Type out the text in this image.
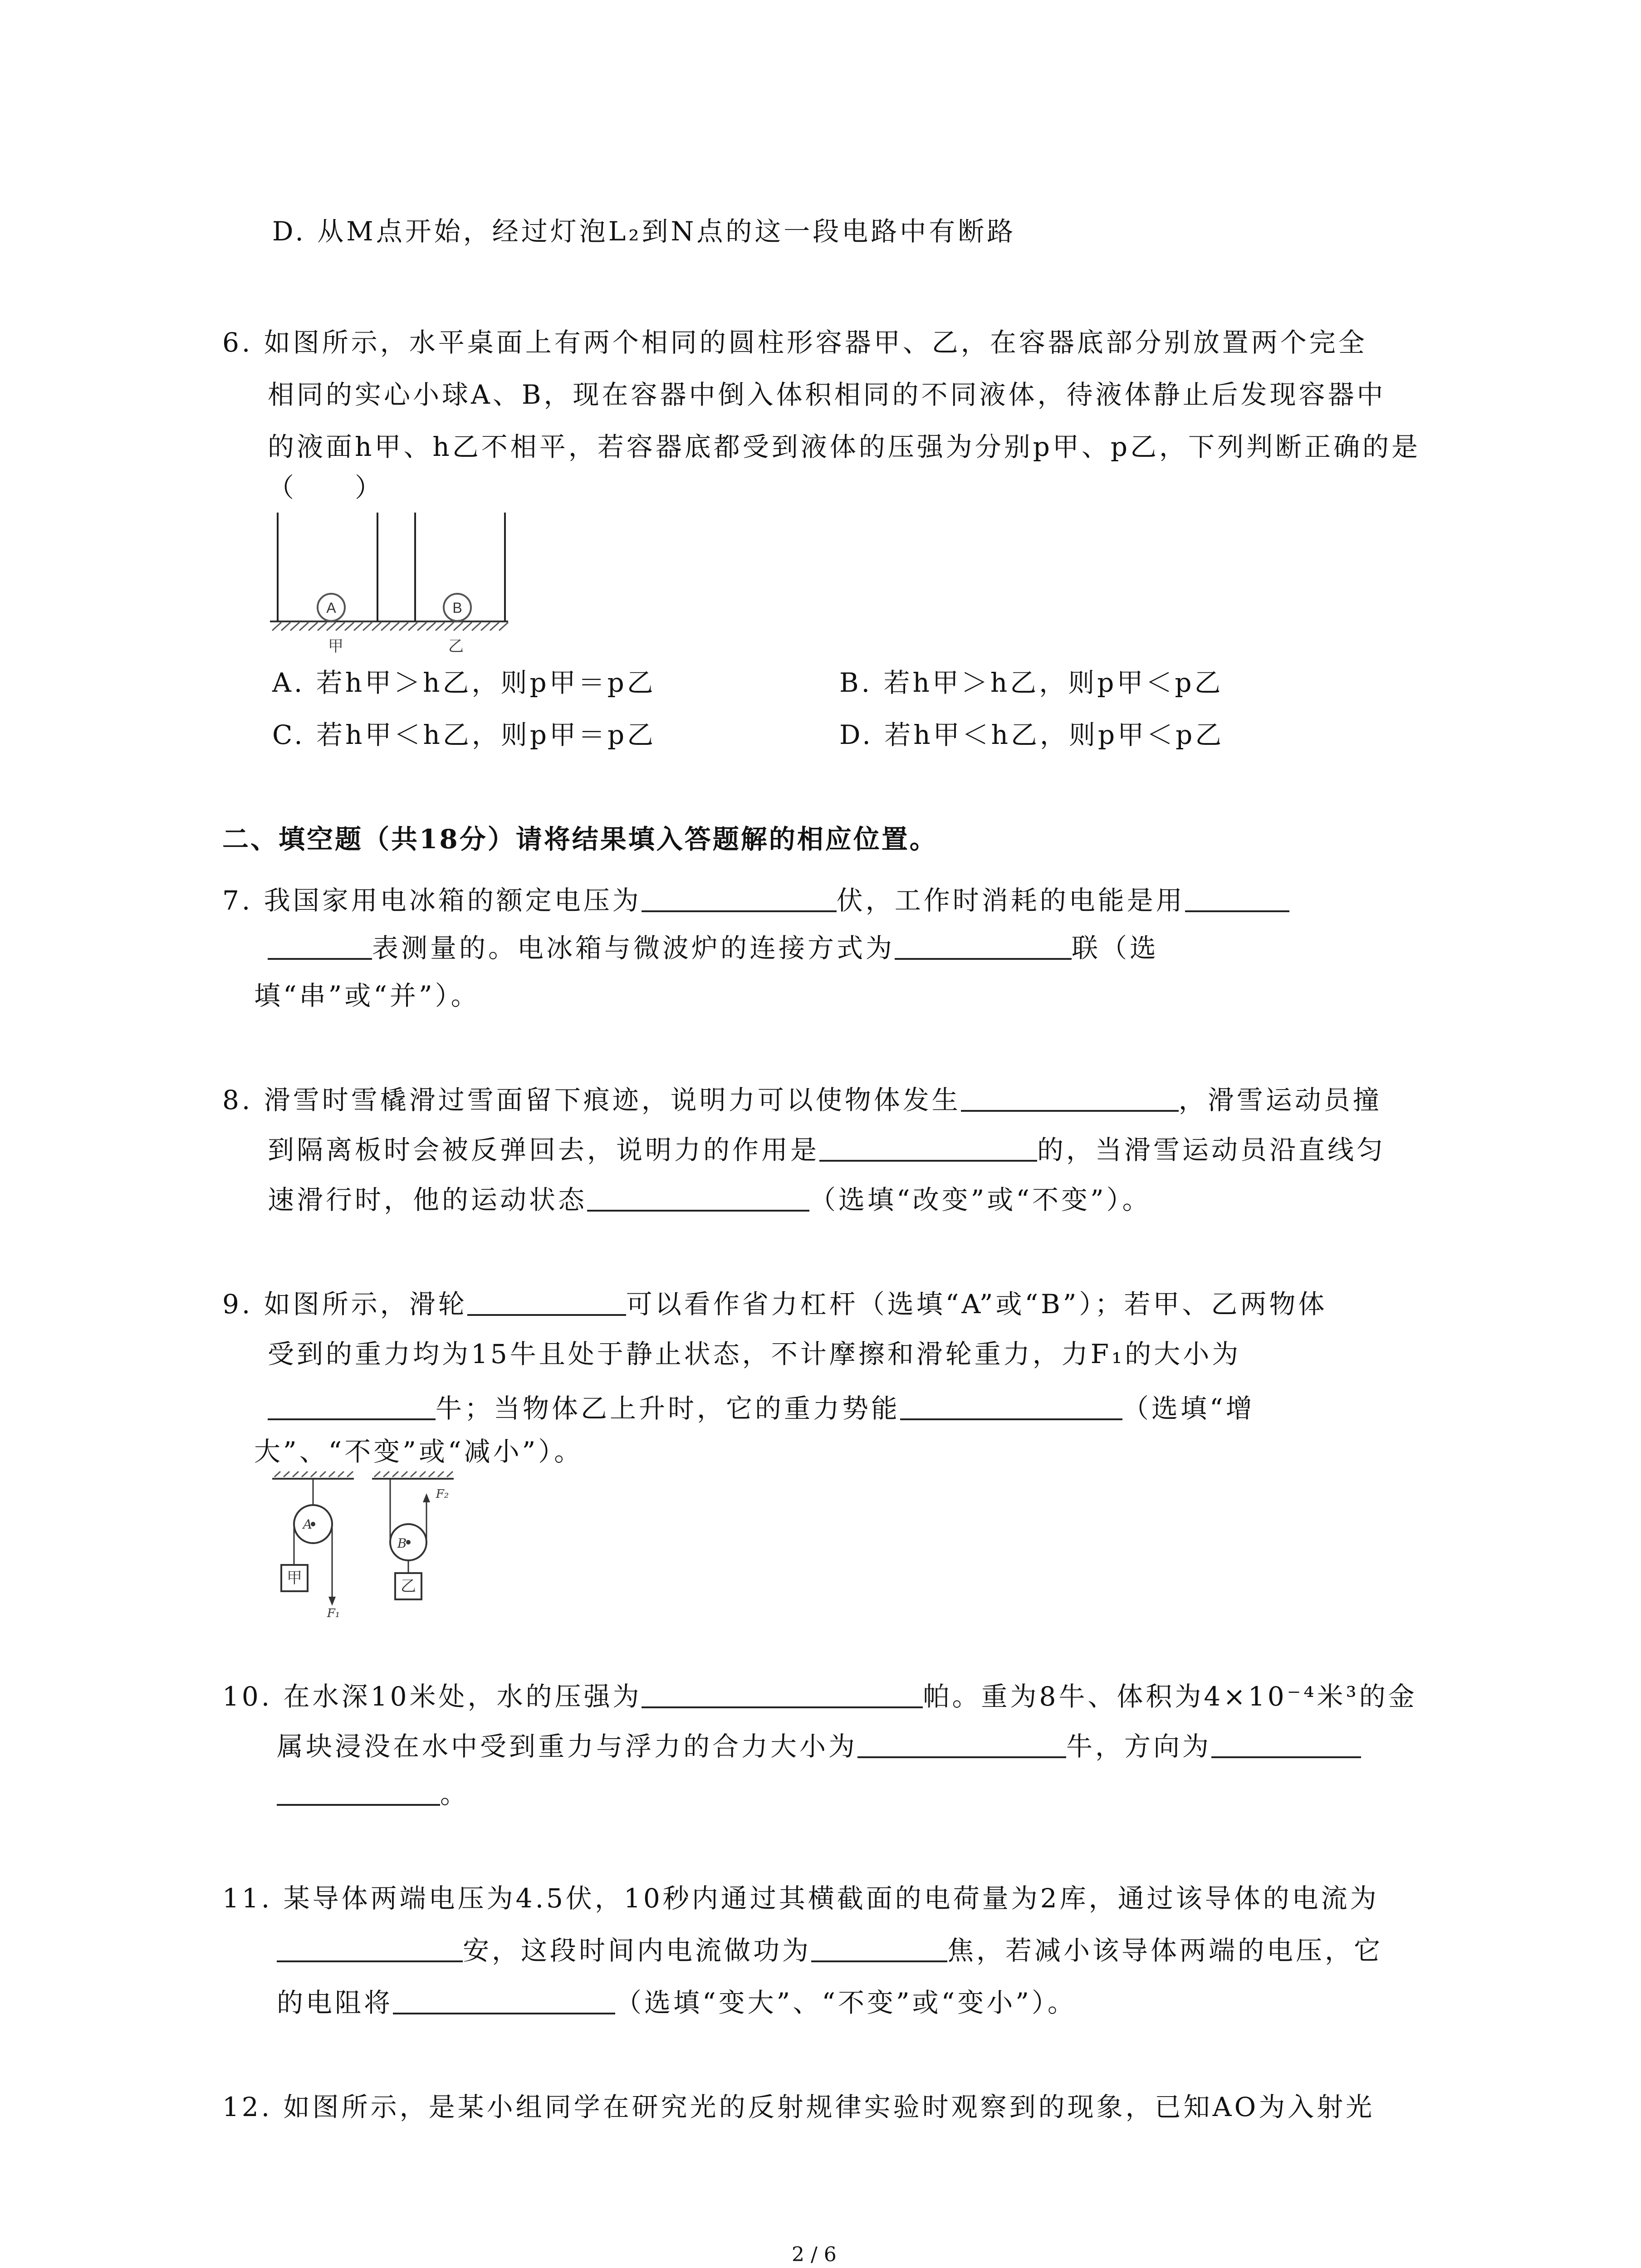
D. 从M点开始，经过灯泡L₂到N点的这一段电路中有断路
6. 如图所示，水平桌面上有两个相同的圆柱形容器甲、乙，在容器底部分别放置两个完全
相同的实心小球A、B，现在容器中倒入体积相同的不同液体，待液体静止后发现容器中
的液面h甲、h乙不相平，若容器底都受到液体的压强为分别p甲、p乙，下列判断正确的是
（　　）
A	B
甲	乙
A. 若h甲＞h乙，则p甲＝p乙	B. 若h甲＞h乙，则p甲＜p乙
C. 若h甲＜h乙，则p甲＝p乙	D. 若h甲＜h乙，则p甲＜p乙
二、填空题（共18分）请将结果填入答题解的相应位置。
7. 我国家用电冰箱的额定电压为	伏，工作时消耗的电能是用
表测量的。电冰箱与微波炉的连接方式为	联（选
填“串”或“并”）。
8. 滑雪时雪橇滑过雪面留下痕迹，说明力可以使物体发生	，滑雪运动员撞
到隔离板时会被反弹回去，说明力的作用是	的，当滑雪运动员沿直线匀
速滑行时，他的运动状态	（选填“改变”或“不变”）。
9. 如图所示，滑轮	可以看作省力杠杆（选填“A”或“B”）；若甲、乙两物体
受到的重力均为15牛且处于静止状态，不计摩擦和滑轮重力，力F₁的大小为
牛；当物体乙上升时，它的重力势能	（选填“增
大”、“不变”或“减小”）。
甲
A
F₁
乙
B
F₂
10. 在水深10米处，水的压强为	帕。重为8牛、体积为4×10⁻⁴米³的金
属块浸没在水中受到重力与浮力的合力大小为	牛，方向为
。
11. 某导体两端电压为4.5伏，10秒内通过其横截面的电荷量为2库，通过该导体的电流为
安，这段时间内电流做功为	焦，若减小该导体两端的电压，它
的电阻将	（选填“变大”、“不变”或“变小”）。
12. 如图所示，是某小组同学在研究光的反射规律实验时观察到的现象，已知AO为入射光
2 / 6
